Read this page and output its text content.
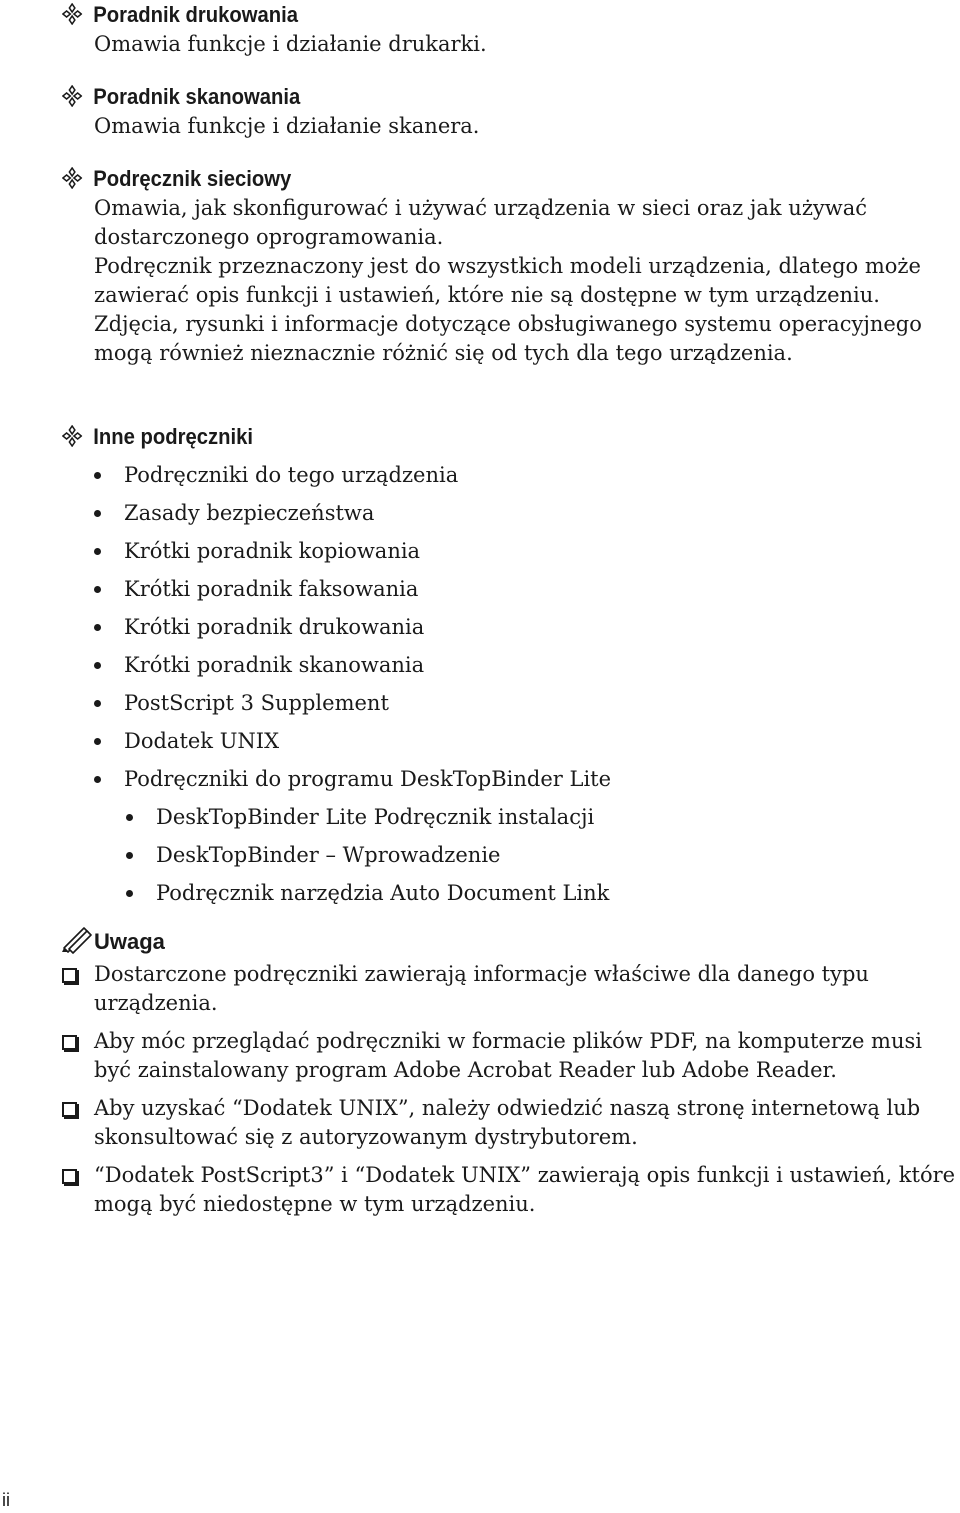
Poradnik drukowania
Omawia funkcje i działanie drukarki.
Poradnik skanowania
Omawia funkcje i działanie skanera.
Podręcznik sieciowy
Omawia, jak skonfigurować i używać urządzenia w sieci oraz jak używać dostarczonego oprogramowania.
Podręcznik przeznaczony jest do wszystkich modeli urządzenia, dlatego może zawierać opis funkcji i ustawień, które nie są dostępne w tym urządzeniu. Zdjęcia, rysunki i informacje dotyczące obsługiwanego systemu operacyjnego mogą również nieznacznie różnić się od tych dla tego urządzenia.
Inne podręczniki
Podręczniki do tego urządzenia
Zasady bezpieczeństwa
Krótki poradnik kopiowania
Krótki poradnik faksowania
Krótki poradnik drukowania
Krótki poradnik skanowania
PostScript 3 Supplement
Dodatek UNIX
Podręczniki do programu DeskTopBinder Lite
DeskTopBinder Lite Podręcznik instalacji
DeskTopBinder – Wprowadzenie
Podręcznik narzędzia Auto Document Link
Uwaga
Dostarczone podręczniki zawierają informacje właściwe dla danego typu urządzenia.
Aby móc przeglądać podręczniki w formacie plików PDF, na komputerze musi być zainstalowany program Adobe Acrobat Reader lub Adobe Reader.
Aby uzyskać “Dodatek UNIX”, należy odwiedzić naszą stronę internetową lub skonsultować się z autoryzowanym dystrybutorem.
“Dodatek PostScript3” i “Dodatek UNIX” zawierają opis funkcji i ustawień, które mogą być niedostępne w tym urządzeniu.
ii
